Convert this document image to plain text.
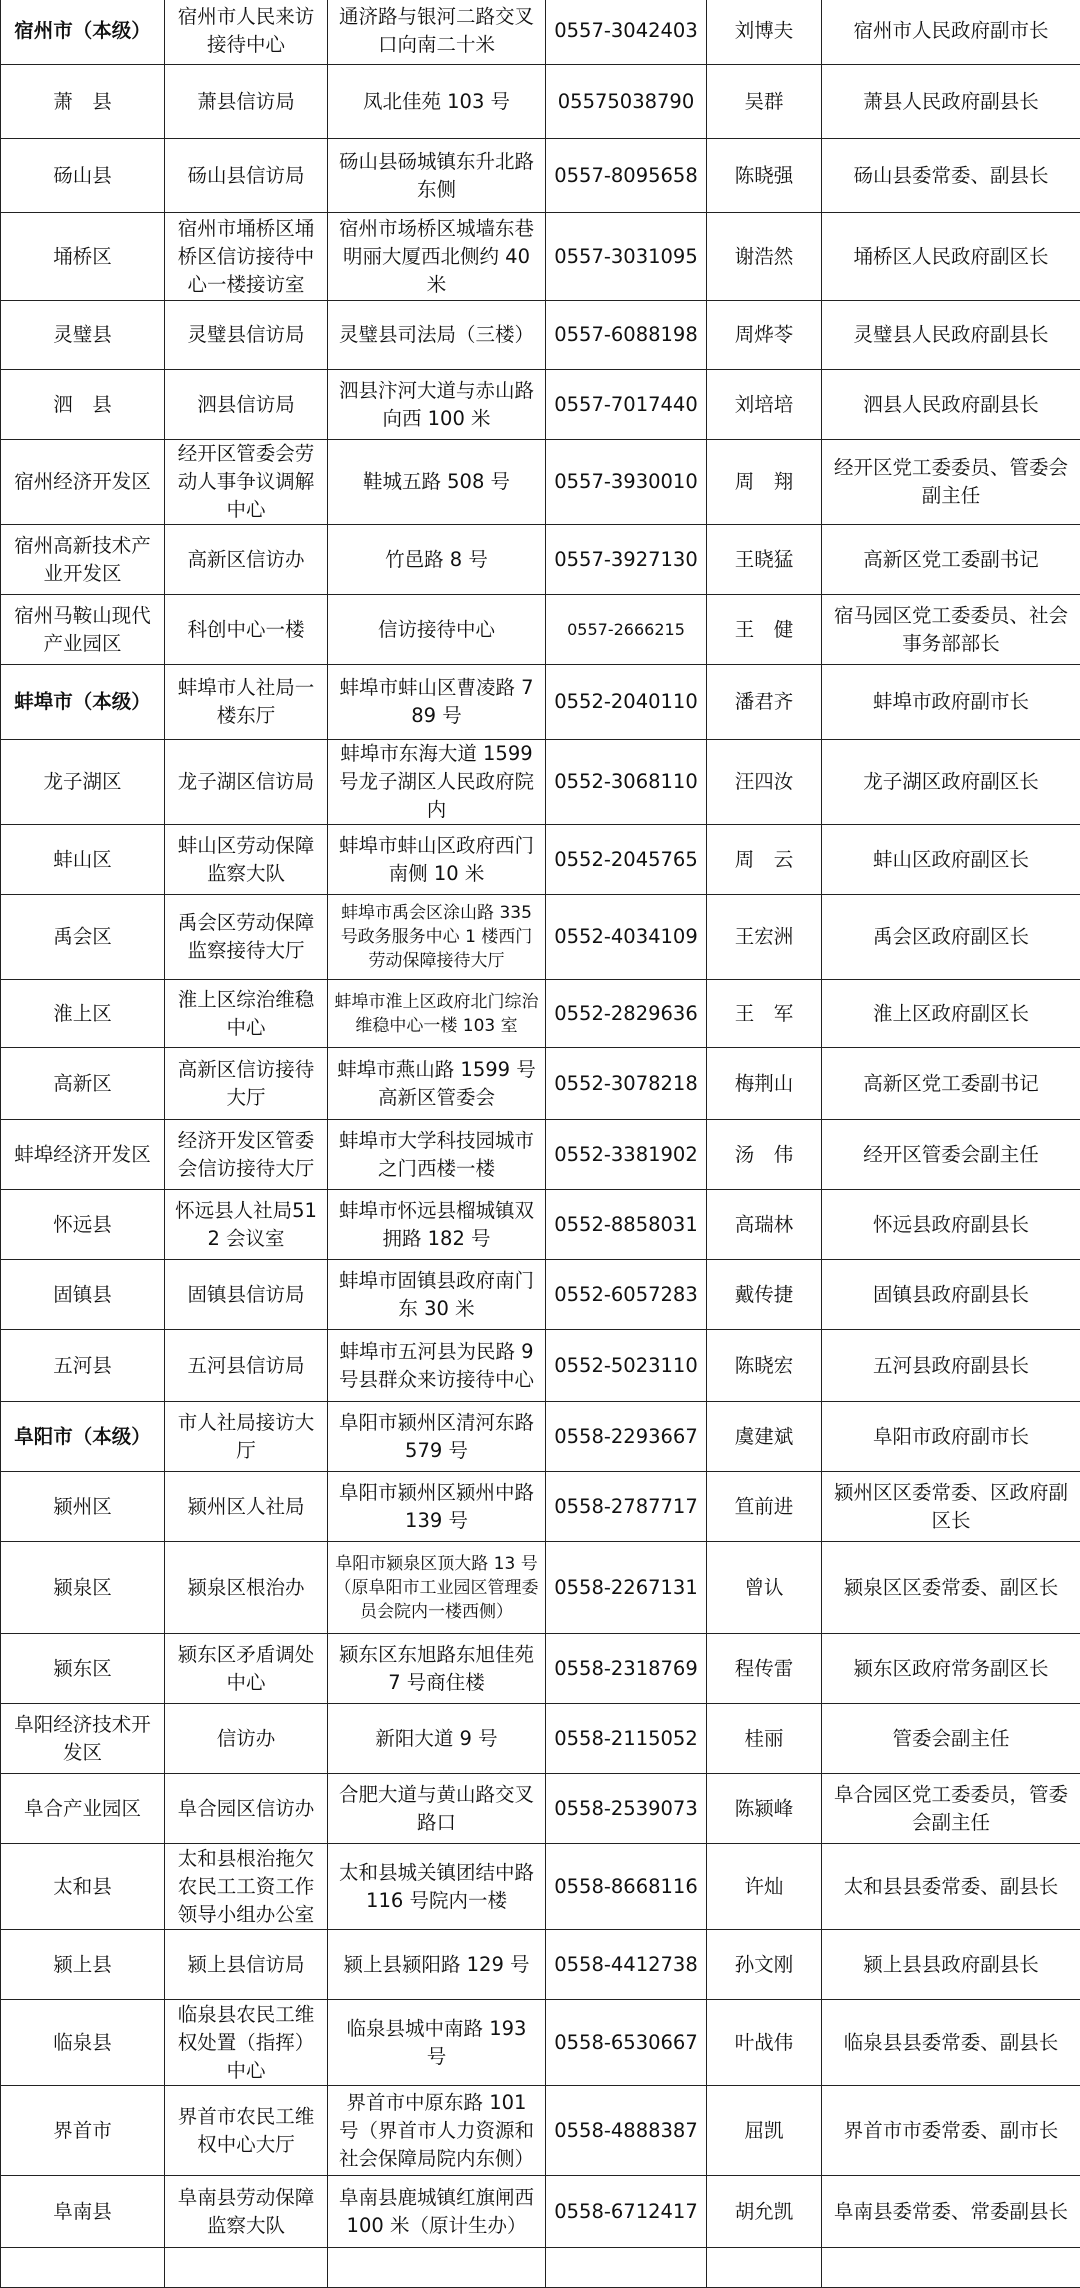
宿州市（本级）	宿州市人民来访接待中心	通济路与银河二路交叉口向南二十米	0557-3042403	刘博夫	宿州市人民政府副市长
萧　县	萧县信访局	凤北佳苑 103 号	05575038790	吴群	萧县人民政府副县长
砀山县	砀山县信访局	砀山县砀城镇东升北路东侧	0557-8095658	陈晓强	砀山县委常委、副县长
埇桥区	宿州市埇桥区埇桥区信访接待中心一楼接访室	宿州市场桥区城墙东巷明丽大厦西北侧约 40 米	0557-3031095	谢浩然	埇桥区人民政府副区长
灵璧县	灵璧县信访局	灵璧县司法局（三楼）	0557-6088198	周烨苓	灵璧县人民政府副县长
泗　县	泗县信访局	泗县汴河大道与赤山路向西 100 米	0557-7017440	刘培培	泗县人民政府副县长
宿州经济开发区	经开区管委会劳动人事争议调解中心	鞋城五路 508 号	0557-3930010	周　翔	经开区党工委委员、管委会副主任
宿州高新技术产业开发区	高新区信访办	竹邑路 8 号	0557-3927130	王晓猛	高新区党工委副书记
宿州马鞍山现代产业园区	科创中心一楼	信访接待中心	0557-2666215	王　健	宿马园区党工委委员、社会事务部部长
蚌埠市（本级）	蚌埠市人社局一楼东厅	蚌埠市蚌山区曹凌路 789 号	0552-2040110	潘君齐	蚌埠市政府副市长
龙子湖区	龙子湖区信访局	蚌埠市东海大道 1599 号龙子湖区人民政府院内	0552-3068110	汪四汝	龙子湖区政府副区长
蚌山区	蚌山区劳动保障监察大队	蚌埠市蚌山区政府西门南侧 10 米	0552-2045765	周　云	蚌山区政府副区长
禹会区	禹会区劳动保障监察接待大厅	蚌埠市禹会区涂山路 335 号政务服务中心 1 楼西门劳动保障接待大厅	0552-4034109	王宏洲	禹会区政府副区长
淮上区	淮上区综治维稳中心	蚌埠市淮上区政府北门综治维稳中心一楼 103 室	0552-2829636	王　军	淮上区政府副区长
高新区	高新区信访接待大厅	蚌埠市燕山路 1599 号高新区管委会	0552-3078218	梅荆山	高新区党工委副书记
蚌埠经济开发区	经济开发区管委会信访接待大厅	蚌埠市大学科技园城市之门西楼一楼	0552-3381902	汤　伟	经开区管委会副主任
怀远县	怀远县人社局512 会议室	蚌埠市怀远县榴城镇双拥路 182 号	0552-8858031	高瑞林	怀远县政府副县长
固镇县	固镇县信访局	蚌埠市固镇县政府南门东 30 米	0552-6057283	戴传捷	固镇县政府副县长
五河县	五河县信访局	蚌埠市五河县为民路 9 号县群众来访接待中心	0552-5023110	陈晓宏	五河县政府副县长
阜阳市（本级）	市人社局接访大厅	阜阳市颍州区清河东路 579 号	0558-2293667	虞建斌	阜阳市政府副市长
颍州区	颍州区人社局	阜阳市颍州区颍州中路 139 号	0558-2787717	笪前进	颍州区区委常委、区政府副区长
颍泉区	颍泉区根治办	阜阳市颍泉区顶大路 13 号（原阜阳市工业园区管理委员会院内一楼西侧）	0558-2267131	曾认	颍泉区区委常委、副区长
颍东区	颍东区矛盾调处中心	颍东区东旭路东旭佳苑 7 号商住楼	0558-2318769	程传雷	颍东区政府常务副区长
阜阳经济技术开发区	信访办	新阳大道 9 号	0558-2115052	桂丽	管委会副主任
阜合产业园区	阜合园区信访办	合肥大道与黄山路交叉路口	0558-2539073	陈颍峰	阜合园区党工委委员，管委会副主任
太和县	太和县根治拖欠农民工工资工作领导小组办公室	太和县城关镇团结中路 116 号院内一楼	0558-8668116	许灿	太和县县委常委、副县长
颍上县	颍上县信访局	颍上县颍阳路 129 号	0558-4412738	孙文刚	颍上县县政府副县长
临泉县	临泉县农民工维权处置（指挥）中心	临泉县城中南路 193 号	0558-6530667	叶战伟	临泉县县委常委、副县长
界首市	界首市农民工维权中心大厅	界首市中原东路 101 号（界首市人力资源和社会保障局院内东侧）	0558-4888387	屈凯	界首市市委常委、副市长
阜南县	阜南县劳动保障监察大队	阜南县鹿城镇红旗闸西 100 米（原计生办）	0558-6712417	胡允凯	阜南县委常委、常委副县长
